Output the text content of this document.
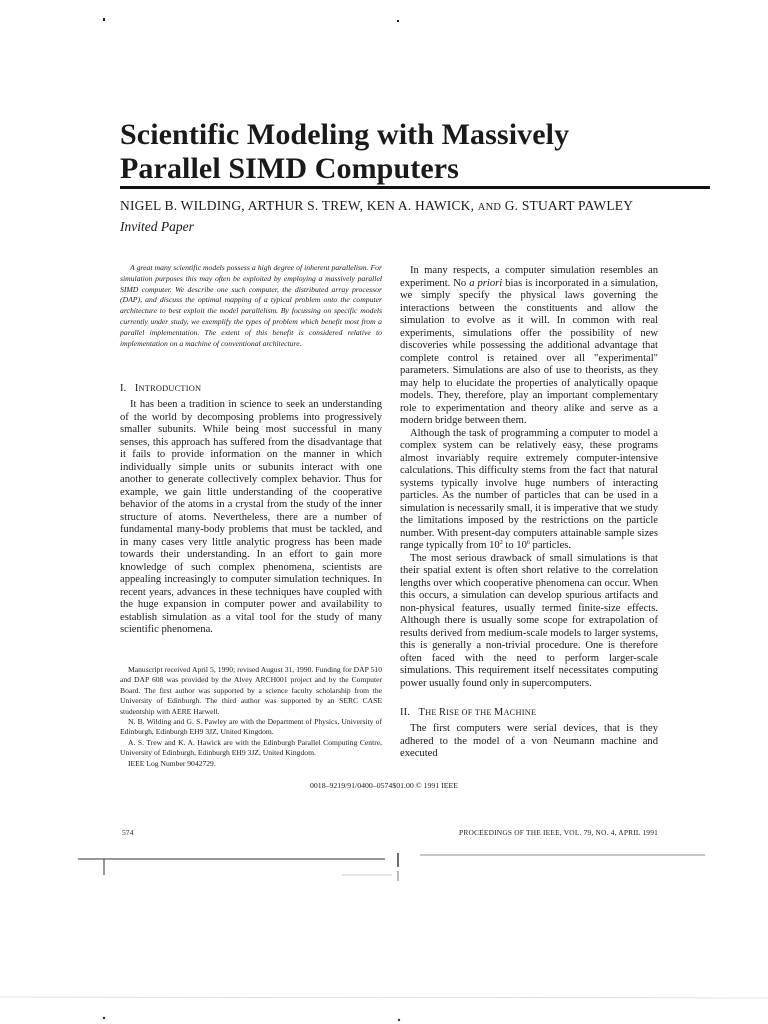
Scientific Modeling with Massively
Parallel SIMD Computers
NIGEL B. WILDING, ARTHUR S. TREW, KEN A. HAWICK, AND G. STUART PAWLEY
Invited Paper
A great many scientific models possess a high degree of inherent parallelism. For simulation purposes this may often be exploited by employing a massively parallel SIMD computer. We describe one such computer, the distributed array processor (DAP), and discuss the optimal mapping of a typical problem onto the computer architecture to best exploit the model parallelism. By focussing on specific models currently under study, we exemplify the types of problem which benefit most from a parallel implementation. The extent of this benefit is considered relative to implementation on a machine of conventional architecture.
I. INTRODUCTION

It has been a tradition in science to seek an understanding of the world by decomposing problems into progressively smaller subunits. While being most successful in many senses, this approach has suffered from the disadvantage that it fails to provide information on the manner in which individually simple units or subunits interact with one another to generate collectively complex behavior. Thus for example, we gain little understanding of the cooperative behavior of the atoms in a crystal from the study of the inner structure of atoms. Nevertheless, there are a number of fundamental many-body problems that must be tackled, and in many cases very little analytic progress has been made towards their understanding. In an effort to gain more knowledge of such complex phenomena, scientists are appealing increasingly to computer simulation techniques. In recent years, advances in these techniques have coupled with the huge expansion in computer power and availability to establish simulation as a vital tool for the study of many scientific phenomena.

Manuscript received April 5, 1990; revised August 31, 1990. Funding for DAP 510 and DAP 608 was provided by the Alvey ARCH001 project and by the Computer Board. The first author was supported by a science faculty scholarship from the University of Edinburgh. The third author was supported by an SERC CASE studentship with AERE Harwell.

N. B. Wilding and G. S. Pawley are with the Department of Physics, University of Edinburgh, Edinburgh EH9 3JZ, United Kingdom.

A. S. Trew and K. A. Hawick are with the Edinburgh Parallel Computing Centre, University of Edinburgh, Edinburgh EH9 3JZ, United Kingdom.

IEEE Log Number 9042729.

In many respects, a computer simulation resembles an experiment. No a priori bias is incorporated in a simulation, we simply specify the physical laws governing the interactions between the constituents and allow the simulation to evolve as it will. In common with real experiments, simulations offer the possibility of new discoveries while possessing the additional advantage that complete control is retained over all "experimental" parameters. Simulations are also of use to theorists, as they may help to elucidate the properties of analytically opaque models. They, therefore, play an important complementary role to experimentation and theory alike and serve as a modern bridge between them.

Although the task of programming a computer to model a complex system can be relatively easy, these programs almost invariably require extremely computer-intensive calculations. This difficulty stems from the fact that natural systems typically involve huge numbers of interacting particles. As the number of particles that can be used in a simulation is necessarily small, it is imperative that we study the limitations imposed by the restrictions on the particle number. With present-day computers attainable sample sizes range typically from $10^2$ to $10^6$ particles.

The most serious drawback of small simulations is that their spatial extent is often short relative to the correlation lengths over which cooperative phenomena can occur. When this occurs, a simulation can develop spurious artifacts and non-physical features, usually termed finite-size effects. Although there is usually some scope for extrapolation of results derived from medium-scale models to larger systems, this is generally a non-trivial procedure. One is therefore often faced with the need to perform larger-scale simulations. This requirement itself necessitates computing power usually found only in supercomputers.

II. THE RISE OF THE MACHINE

The first computers were serial devices, that is they adhered to the model of a von Neumann machine and executed

0018–9219/91/0400–0574$01.00 © 1991 IEEE
574	PROCEEDINGS OF THE IEEE, VOL. 79, NO. 4, APRIL 1991
